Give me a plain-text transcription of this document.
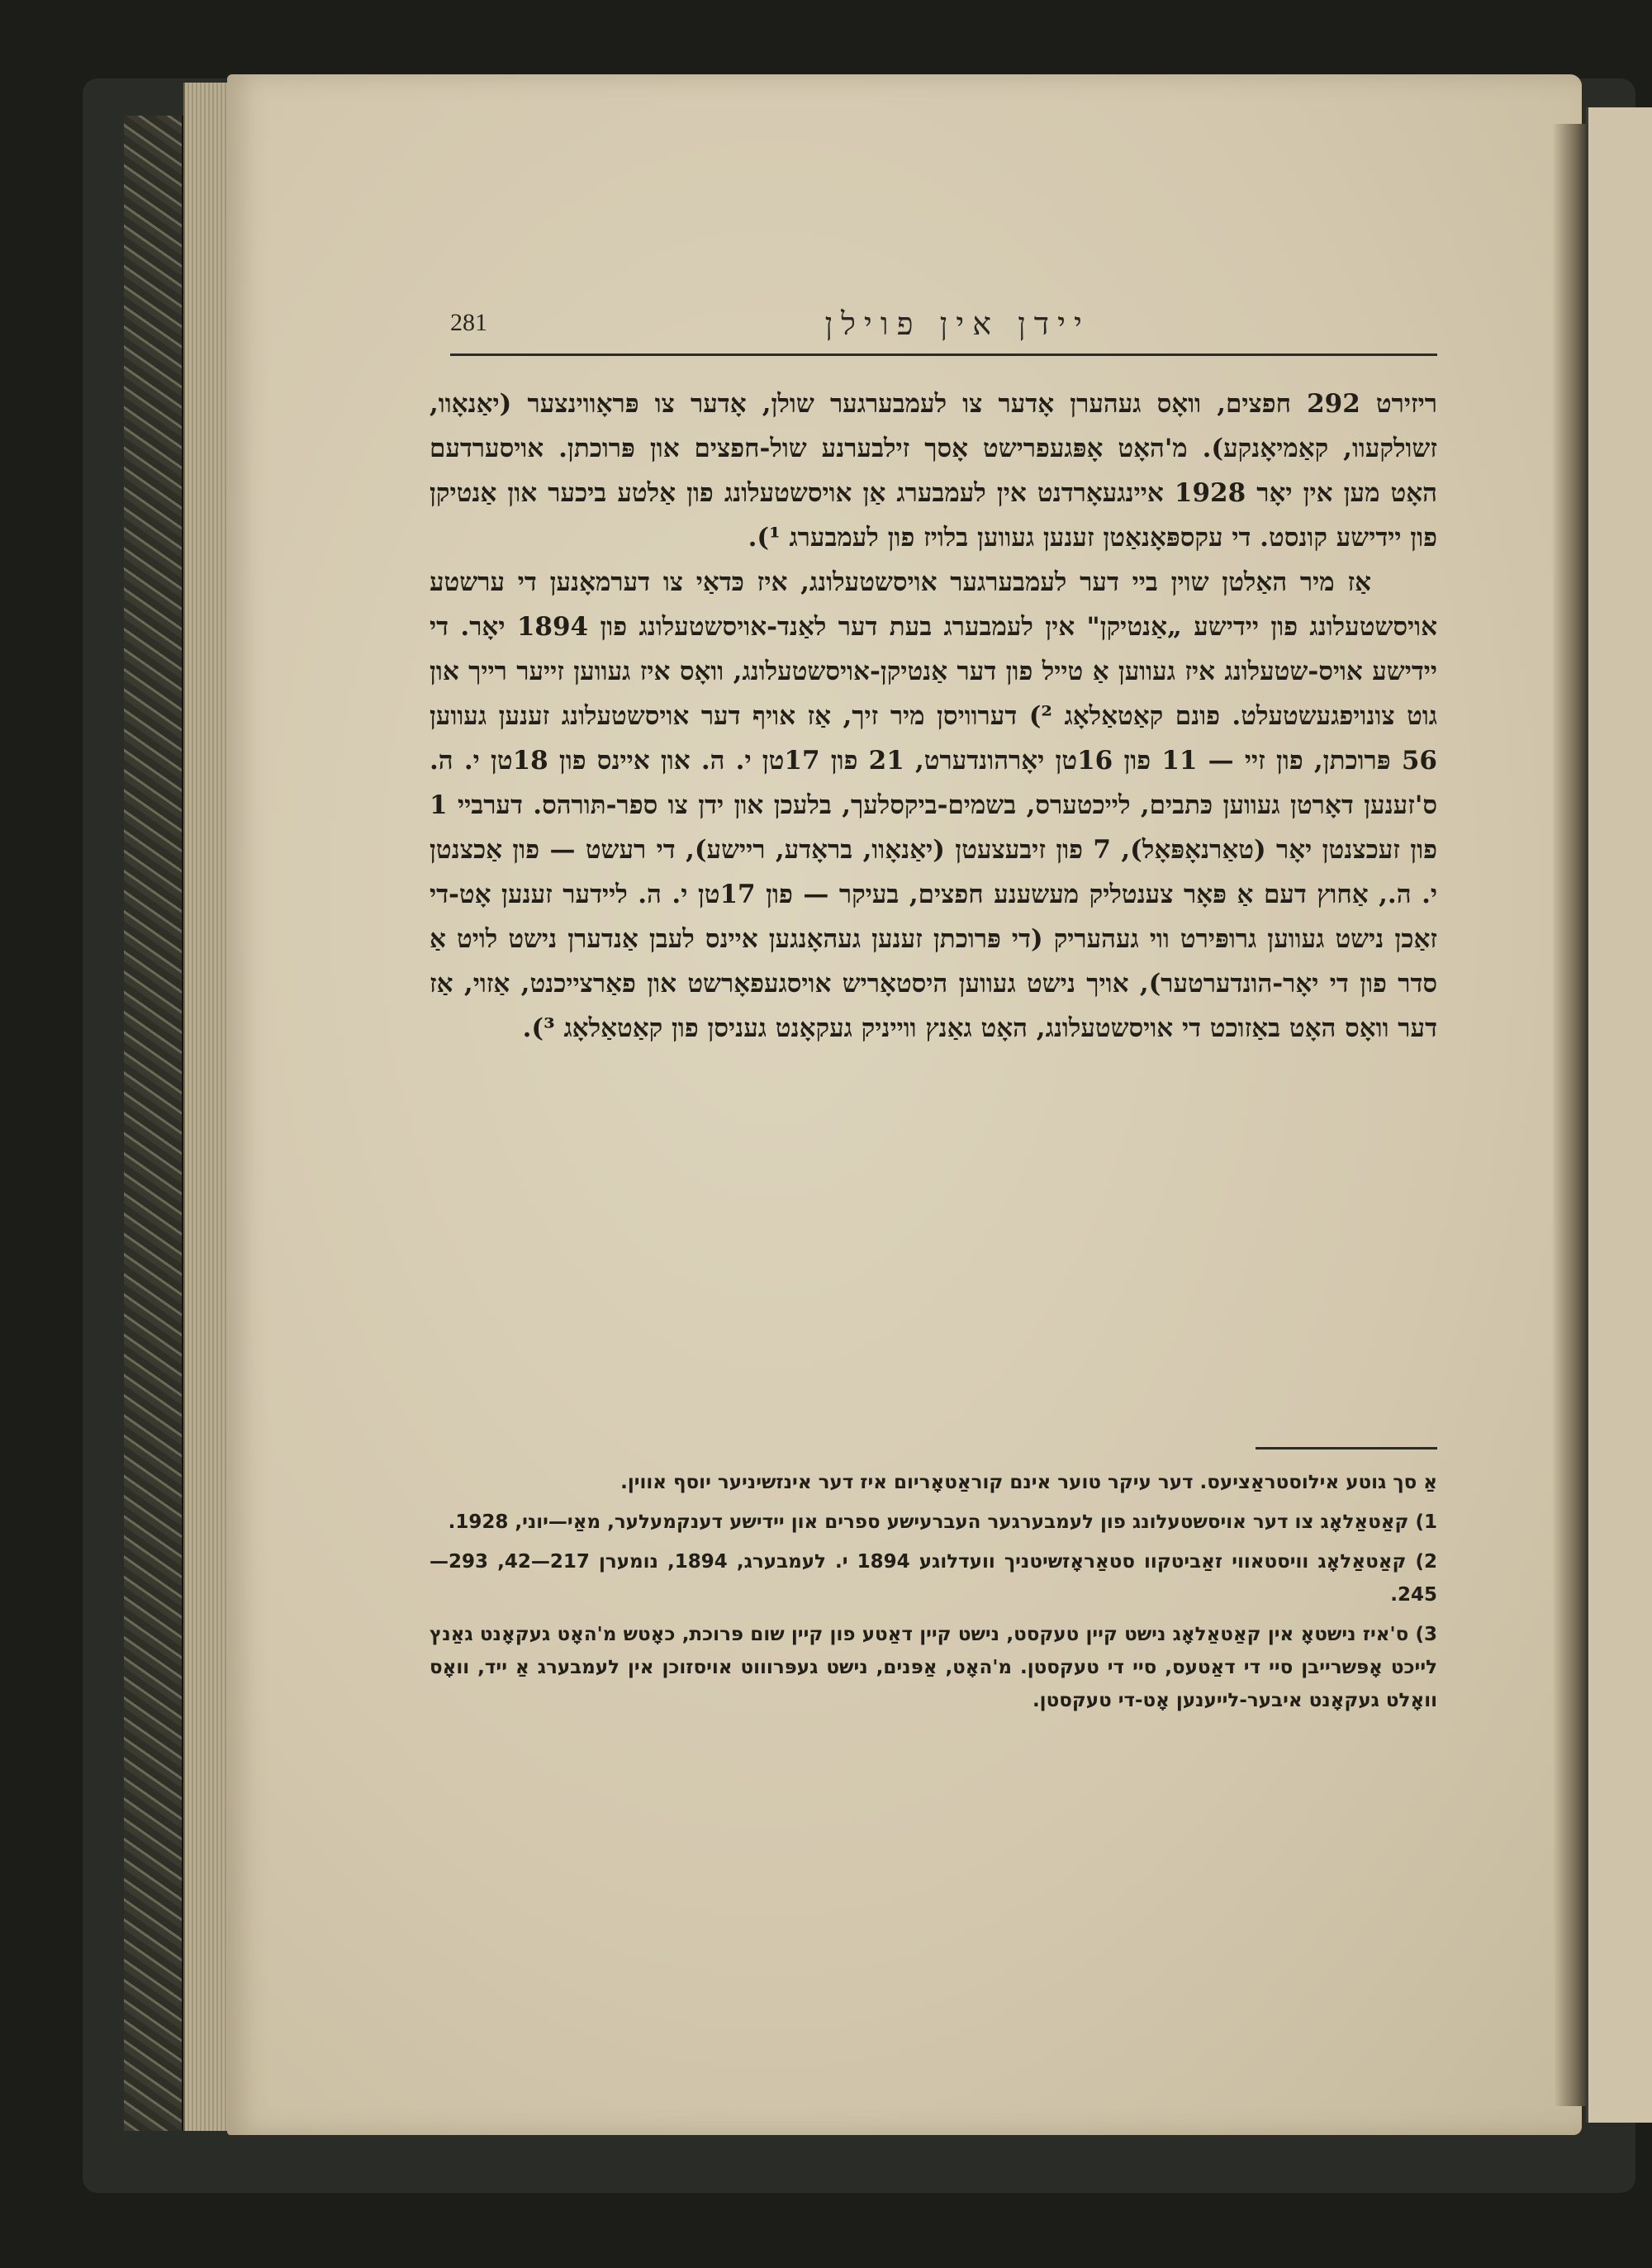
281	יידן אין פוילן

ריזירט 292 חפצים, וואָס געהערן אָדער צו לעמבערגער שולן, אָדער צו פּראָווינצער (יאַנאָוו, זשולקעוו, קאַמיאָנקע). מ'האָט אָפּגעפרישט אָסך זילבערנע שול-חפצים און פּרוכתן. אויסערדעם האָט מען אין יאָר 1928 איינגעאָרדנט אין לעמבערג אַן אויסשטעלונג פון אַלטע ביכער און אַנטיקן פון יידישע קונסט. די עקספּאָנאַטן זענען געווען בלויז פון לעמבערג ¹).

אַז מיר האַלטן שוין ביי דער לעמבערגער אויסשטעלונג, איז כּדאַי צו דערמאָנען די ערשטע אויסשטעלונג פון יידישע „אַנטיקן" אין לעמבערג בעת דער לאַנד-אויסשטעלונג פון 1894 יאָר. די יידישע אויס-שטעלונג איז געווען אַ טייל פון דער אַנטיקן-אויסשטעלונג, וואָס איז געווען זייער רייך און גוט צונויפגעשטעלט. פונם קאַטאַלאָג ²) דערוויסן מיר זיך, אַז אויף דער אויסשטעלונג זענען געווען 56 פּרוכתן, פון זיי — 11 פון 16טן יאָרהונדערט, 21 פון 17טן י. ה. און איינס פון 18טן י. ה. ס'זענען דאָרטן געווען כּתבים, לייכטערס, בשמים-ביקסלעך, בלעכן און ידן צו ספר-תּורהס. דערביי 1 פון זעכצנטן יאָר (טאַרנאָפּאָל), 7 פון זיבעצעטן (יאַנאָוו, בראָדע, ריישע), די רעשט — פון אַכצנטן י. ה., אַחוץ דעם אַ פּאָר צענטליק מעשענע חפצים, בעיקר — פון 17טן י. ה. ליידער זענען אָט-די זאַכן נישט געווען גרופּירט ווי געהעריק (די פּרוכתן זענען געהאָנגען איינס לעבן אַנדערן נישט לויט אַ סדר פון די יאָר-הונדערטער), אויך נישט געווען היסטאָריש אויסגעפאָרשט און פאַרצייכנט, אַזוי, אַז דער וואָס האָט באַזוכט די אויסשטעלונג, האָט גאַנץ ווייניק געקאָנט געניסן פון קאַטאַלאָג ³).

אַ סך גוטע אילוסטראַציעס. דער עיקר טוער אינם קוראַטאָריום איז דער אינזשיניער יוסף אווין.

1) קאַטאַלאָג צו דער אויסשטעלונג פון לעמבערגער העברעישע ספרים און יידישע דענקמעלער, מאַי—יוני, 1928.

2) קאַטאַלאָג וויסטאווי זאַביטקוו סטאַראָזשיטניך וועדלוגע 1894 י. לעמבערג, 1894, נומערן 217—42, 293—245.

3) ס'איז נישטאָ אין קאַטאַלאָג נישט קיין טעקסט, נישט קיין דאַטע פון קיין שום פּרוכת, כאָטש מ'האָט געקאָנט גאַנץ לייכט אָפּשרייבן סיי די דאַטעס, סיי די טעקסטן. מ'האָט, אַפּנים, נישט געפּרוווט אויסזוכן אין לעמבערג אַ ייד, וואָס וואָלט געקאָנט איבער-לייענען אָט-די טעקסטן.
